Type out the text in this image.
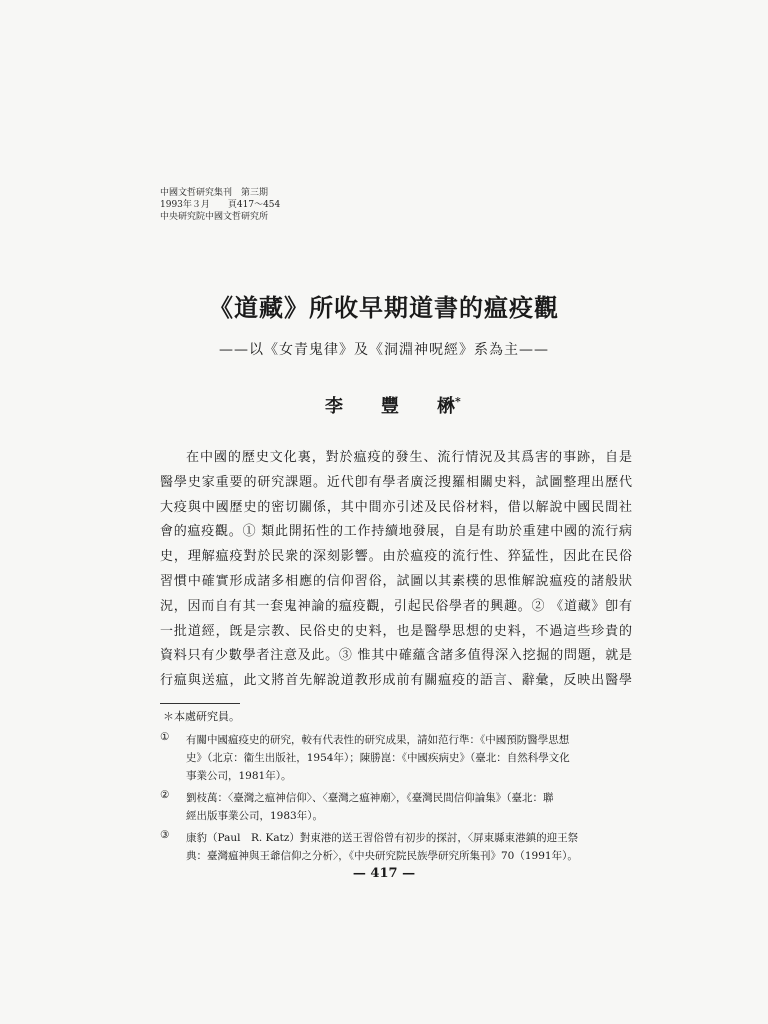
中國文哲研究集刊　第三期
1993年３月　　頁417～454
中央研究院中國文哲研究所
《道藏》所收早期道書的瘟疫觀
——以《女青鬼律》及《洞淵神呪經》系為主——
李 豐 楙*
在中國的歷史文化裏，對於瘟疫的發生、流行情況及其爲害的事跡，自是
醫學史家重要的研究課題。近代卽有學者廣泛搜羅相關史料，試圖整理出歷代
大疫與中國歷史的密切關係，其中間亦引述及民俗材料，借以解說中國民間社
會的瘟疫觀。① 類此開拓性的工作持續地發展，自是有助於重建中國的流行病
史，理解瘟疫對於民衆的深刻影響。由於瘟疫的流行性、猝猛性，因此在民俗
習慣中確實形成諸多相應的信仰習俗，試圖以其素樸的思惟解說瘟疫的諸般狀
況，因而自有其一套鬼神論的瘟疫觀，引起民俗學者的興趣。② 《道藏》卽有
一批道經，旣是宗教、民俗史的史料，也是醫學思想的史料，不過這些珍貴的
資料只有少數學者注意及此。③ 惟其中確蘊含諸多值得深入挖掘的問題，就是
行瘟與送瘟，此文將首先解說道教形成前有關瘟疫的語言、辭彙，反映出醫學
＊本處研究員。
①	有關中國瘟疫史的研究，較有代表性的研究成果，請如范行準：《中國預防醫學思想
史》（北京：衞生出版社，1954年）；陳勝崑：《中國疾病史》（臺北：自然科學文化
事業公司，1981年）。
②	劉枝萬：〈臺灣之瘟神信仰〉、〈臺灣之瘟神廟〉，《臺灣民間信仰論集》（臺北：聯
經出版事業公司，1983年）。
③	康豹（Paul　R. Katz）對東港的送王習俗曾有初步的探討，〈屏東縣東港鎮的迎王祭
典：臺灣瘟神與王爺信仰之分析〉，《中央研究院民族學研究所集刊》70（1991年）。
— 417 —
